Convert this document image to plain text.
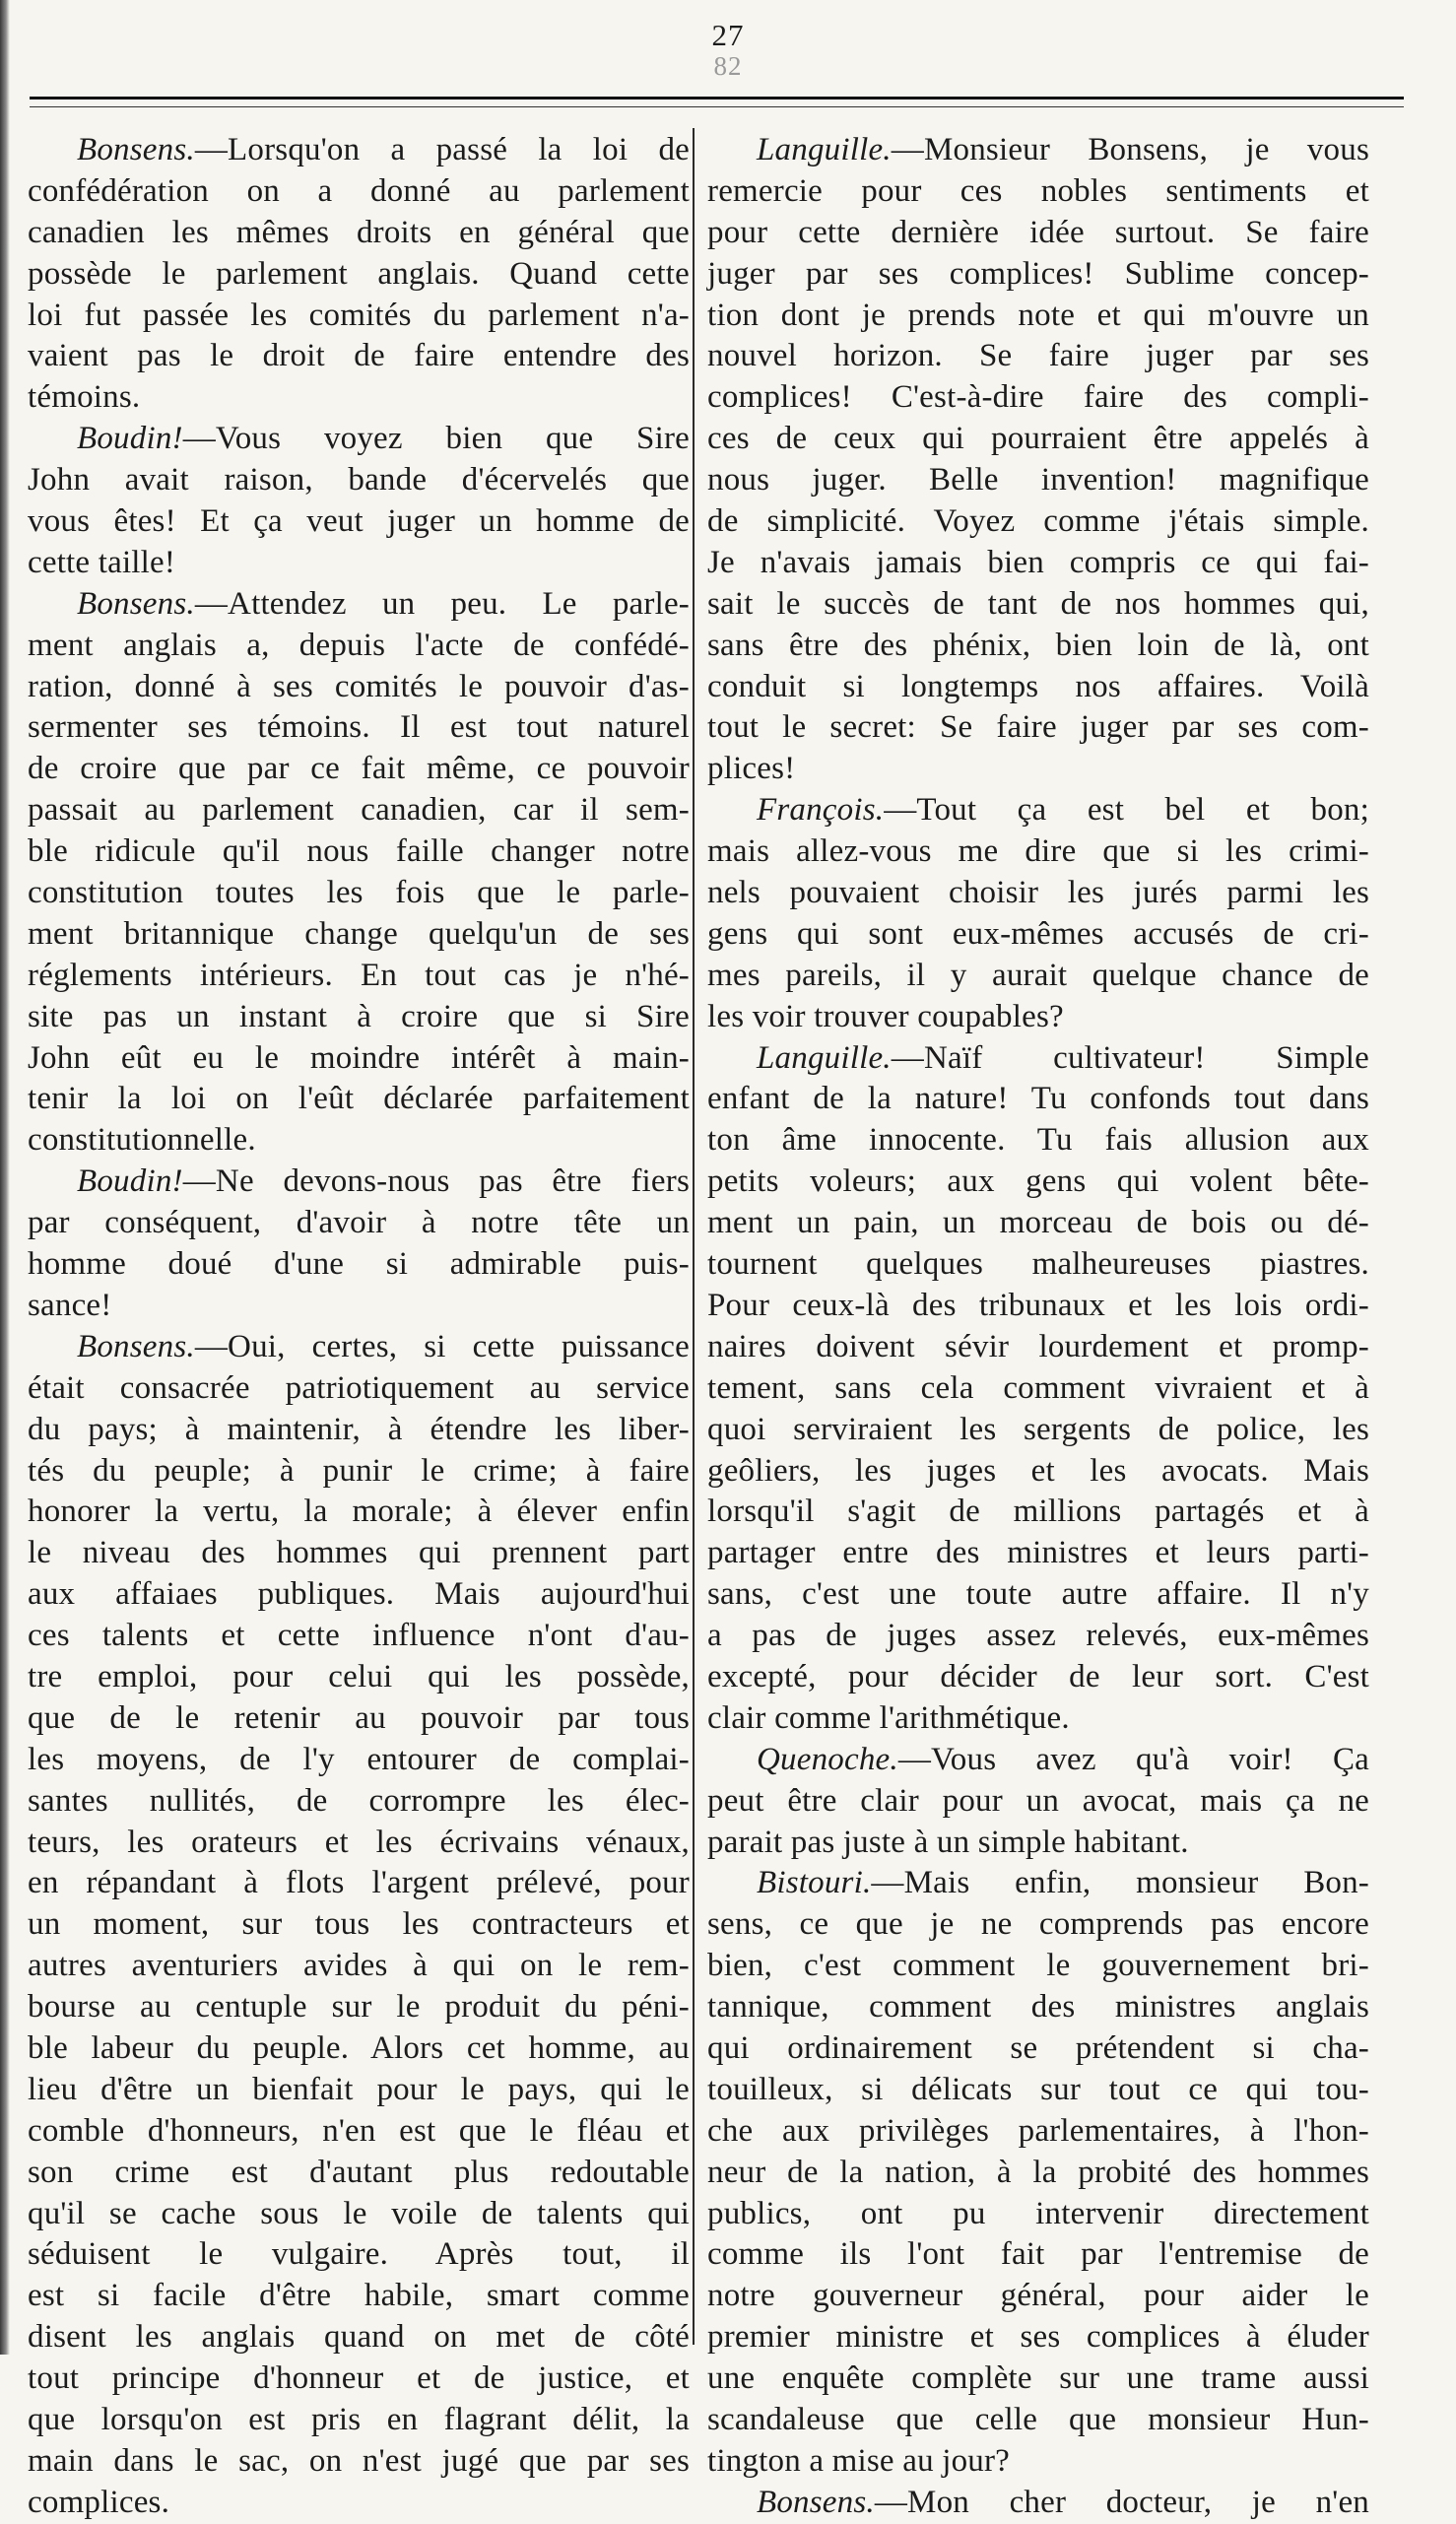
27
82
Bonsens.—Lorsqu'on a passé la loi de
confédération on a donné au parlement
canadien les mêmes droits en général que
possède le parlement anglais. Quand cette
loi fut passée les comités du parlement n'a-
vaient pas le droit de faire entendre des
témoins.
Boudin!—Vous voyez bien que Sire
John avait raison, bande d'écervelés que
vous êtes! Et ça veut juger un homme de
cette taille!
Bonsens.—Attendez un peu. Le parle-
ment anglais a, depuis l'acte de confédé-
ration, donné à ses comités le pouvoir d'as-
sermenter ses témoins. Il est tout naturel
de croire que par ce fait même, ce pouvoir
passait au parlement canadien, car il sem-
ble ridicule qu'il nous faille changer notre
constitution toutes les fois que le parle-
ment britannique change quelqu'un de ses
réglements intérieurs. En tout cas je n'hé-
site pas un instant à croire que si Sire
John eût eu le moindre intérêt à main-
tenir la loi on l'eût déclarée parfaitement
constitutionnelle.
Boudin!—Ne devons-nous pas être fiers
par conséquent, d'avoir à notre tête un
homme doué d'une si admirable puis-
sance!
Bonsens.—Oui, certes, si cette puissance
était consacrée patriotiquement au service
du pays; à maintenir, à étendre les liber-
tés du peuple; à punir le crime; à faire
honorer la vertu, la morale; à élever enfin
le niveau des hommes qui prennent part
aux affaiaes publiques. Mais aujourd'hui
ces talents et cette influence n'ont d'au-
tre emploi, pour celui qui les possède,
que de le retenir au pouvoir par tous
les moyens, de l'y entourer de complai-
santes nullités, de corrompre les élec-
teurs, les orateurs et les écrivains vénaux,
en répandant à flots l'argent prélevé, pour
un moment, sur tous les contracteurs et
autres aventuriers avides à qui on le rem-
bourse au centuple sur le produit du péni-
ble labeur du peuple. Alors cet homme, au
lieu d'être un bienfait pour le pays, qui le
comble d'honneurs, n'en est que le fléau et
son crime est d'autant plus redoutable
qu'il se cache sous le voile de talents qui
séduisent le vulgaire. Après tout, il
est si facile d'être habile, smart comme
disent les anglais quand on met de côté
tout principe d'honneur et de justice, et
que lorsqu'on est pris en flagrant délit, la
main dans le sac, on n'est jugé que par ses
complices.
Languille.—Monsieur Bonsens, je vous
remercie pour ces nobles sentiments et
pour cette dernière idée surtout. Se faire
juger par ses complices! Sublime concep-
tion dont je prends note et qui m'ouvre un
nouvel horizon. Se faire juger par ses
complices! C'est-à-dire faire des compli-
ces de ceux qui pourraient être appelés à
nous juger. Belle invention! magnifique
de simplicité. Voyez comme j'étais simple.
Je n'avais jamais bien compris ce qui fai-
sait le succès de tant de nos hommes qui,
sans être des phénix, bien loin de là, ont
conduit si longtemps nos affaires. Voilà
tout le secret: Se faire juger par ses com-
plices!
François.—Tout ça est bel et bon;
mais allez-vous me dire que si les crimi-
nels pouvaient choisir les jurés parmi les
gens qui sont eux-mêmes accusés de cri-
mes pareils, il y aurait quelque chance de
les voir trouver coupables?
Languille.—Naïf cultivateur! Simple
enfant de la nature! Tu confonds tout dans
ton âme innocente. Tu fais allusion aux
petits voleurs; aux gens qui volent bête-
ment un pain, un morceau de bois ou dé-
tournent quelques malheureuses piastres.
Pour ceux-là des tribunaux et les lois ordi-
naires doivent sévir lourdement et promp-
tement, sans cela comment vivraient et à
quoi serviraient les sergents de police, les
geôliers, les juges et les avocats. Mais
lorsqu'il s'agit de millions partagés et à
partager entre des ministres et leurs parti-
sans, c'est une toute autre affaire. Il n'y
a pas de juges assez relevés, eux-mêmes
excepté, pour décider de leur sort. C'est
clair comme l'arithmétique.
Quenoche.—Vous avez qu'à voir! Ça
peut être clair pour un avocat, mais ça ne
parait pas juste à un simple habitant.
Bistouri.—Mais enfin, monsieur Bon-
sens, ce que je ne comprends pas encore
bien, c'est comment le gouvernement bri-
tannique, comment des ministres anglais
qui ordinairement se prétendent si cha-
touilleux, si délicats sur tout ce qui tou-
che aux privilèges parlementaires, à l'hon-
neur de la nation, à la probité des hommes
publics, ont pu intervenir directement
comme ils l'ont fait par l'entremise de
notre gouverneur général, pour aider le
premier ministre et ses complices à éluder
une enquête complète sur une trame aussi
scandaleuse que celle que monsieur Hun-
tington a mise au jour?
Bonsens.—Mon cher docteur, je n'en
